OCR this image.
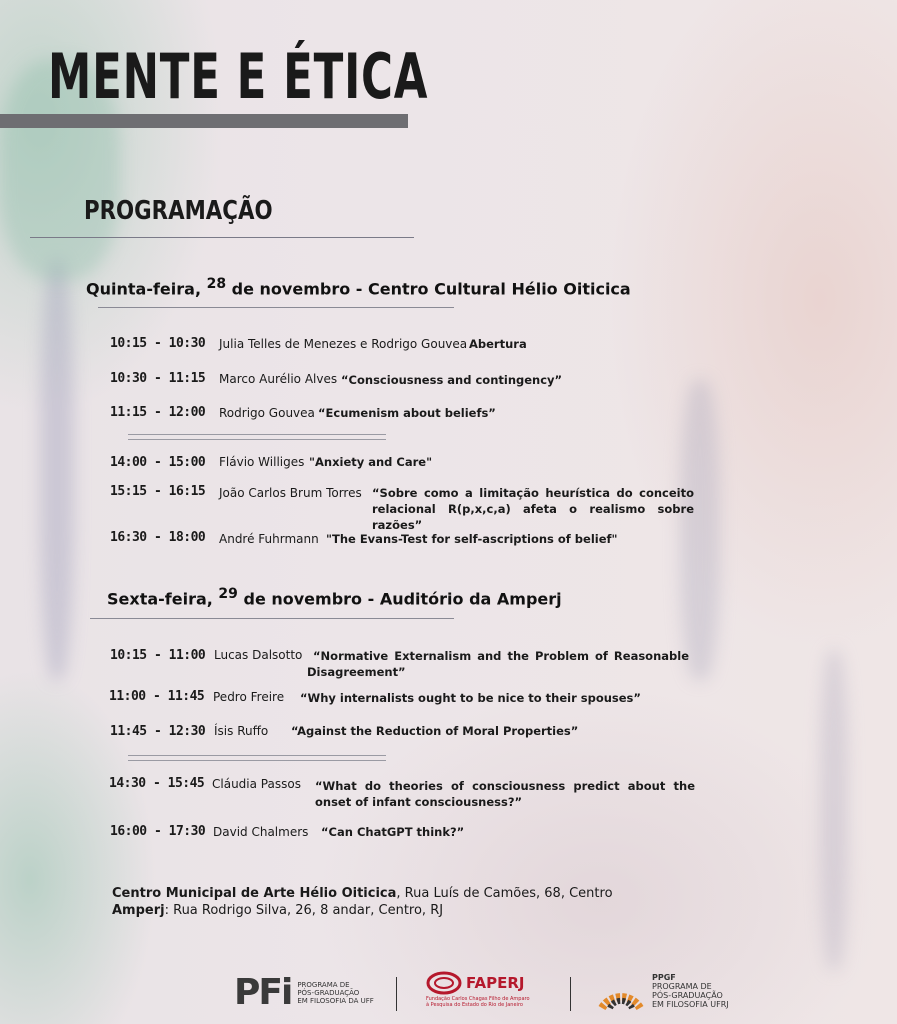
MENTE E ÉTICA
PROGRAMAÇÃO
Quinta-feira, $^{28}$ de novembro - Centro Cultural Hélio Oiticica
10:15 - 10:30 Julia Telles de Menezes e Rodrigo Gouvea Abertura
10:30 - 11:15 Marco Aurélio Alves “Consciousness and contingency”
11:15 - 12:00 Rodrigo Gouvea “Ecumenism about beliefs”
14:00 - 15:00 Flávio Williges "Anxiety and Care"
15:15 - 16:15 João Carlos Brum Torres “Sobre como a limitação heurística do conceito relacional R(p,x,c,a) afeta o realismo sobre razões”
16:30 - 18:00 André Fuhrmann "The Evans-Test for self-ascriptions of belief"
Sexta-feira, $^{29}$ de novembro - Auditório da Amperj
10:15 - 11:00 Lucas Dalsotto “Normative Externalism and the Problem of Reasonable Disagreement”
11:00 - 11:45 Pedro Freire “Why internalists ought to be nice to their spouses”
11:45 - 12:30 Ísis Ruffo “Against the Reduction of Moral Properties”
14:30 - 15:45 Cláudia Passos “What do theories of consciousness predict about the onset of infant consciousness?”
16:00 - 17:30 David Chalmers “Can ChatGPT think?”
Centro Municipal de Arte Hélio Oiticica, Rua Luís de Camões, 68, Centro
Amperj: Rua Rodrigo Silva, 26, 8 andar, Centro, RJ
PFi PROGRAMA DE
PÓS-GRADUAÇÃO
EM FILOSOFIA DA UFF
FAPERJ
Fundação Carlos Chagas Filho de Amparo
à Pesquisa do Estado do Rio de Janeiro
PPGF
PROGRAMA DE
PÓS-GRADUAÇÃO
EM FILOSOFIA UFRJ
